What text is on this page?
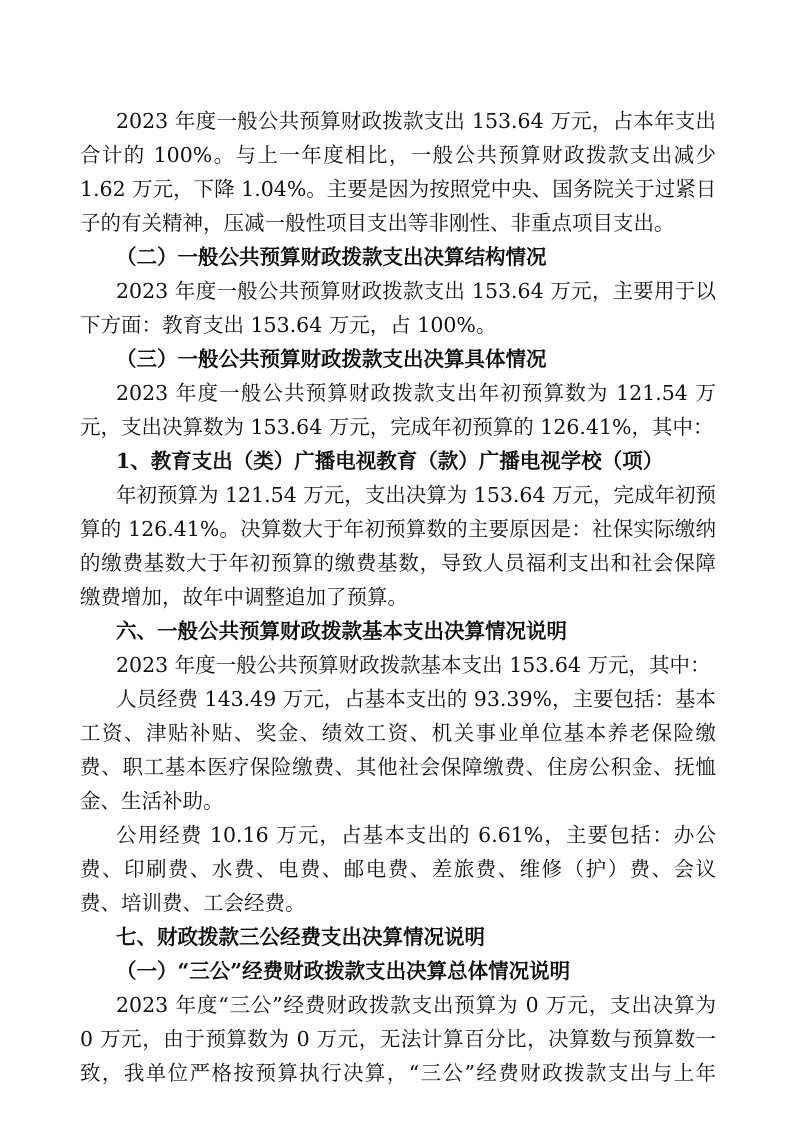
2023 年度一般公共预算财政拨款支出 153.64 万元，占本年支出
合计的 100%。与上一年度相比，一般公共预算财政拨款支出减少
1.62 万元，下降 1.04%。主要是因为按照党中央、国务院关于过紧日
子的有关精神，压减一般性项目支出等非刚性、非重点项目支出。
（二）一般公共预算财政拨款支出决算结构情况
2023 年度一般公共预算财政拨款支出 153.64 万元，主要用于以
下方面：教育支出 153.64 万元，占 100%。
（三）一般公共预算财政拨款支出决算具体情况
2023 年度一般公共预算财政拨款支出年初预算数为 121.54 万
元，支出决算数为 153.64 万元，完成年初预算的 126.41%，其中：
1、教育支出（类）广播电视教育（款）广播电视学校（项）
年初预算为 121.54 万元，支出决算为 153.64 万元，完成年初预
算的 126.41%。决算数大于年初预算数的主要原因是：社保实际缴纳
的缴费基数大于年初预算的缴费基数，导致人员福利支出和社会保障
缴费增加，故年中调整追加了预算。
六、一般公共预算财政拨款基本支出决算情况说明
2023 年度一般公共预算财政拨款基本支出 153.64 万元，其中：
人员经费 143.49 万元，占基本支出的 93.39%，主要包括：基本
工资、津贴补贴、奖金、绩效工资、机关事业单位基本养老保险缴
费、职工基本医疗保险缴费、其他社会保障缴费、住房公积金、抚恤
金、生活补助。
公用经费 10.16 万元，占基本支出的 6.61%，主要包括：办公
费、印刷费、水费、电费、邮电费、差旅费、维修（护）费、会议
费、培训费、工会经费。
七、财政拨款三公经费支出决算情况说明
（一）“三公”经费财政拨款支出决算总体情况说明
2023 年度“三公”经费财政拨款支出预算为 0 万元，支出决算为
0 万元，由于预算数为 0 万元，无法计算百分比，决算数与预算数一
致，我单位严格按预算执行决算，“三公”经费财政拨款支出与上年
